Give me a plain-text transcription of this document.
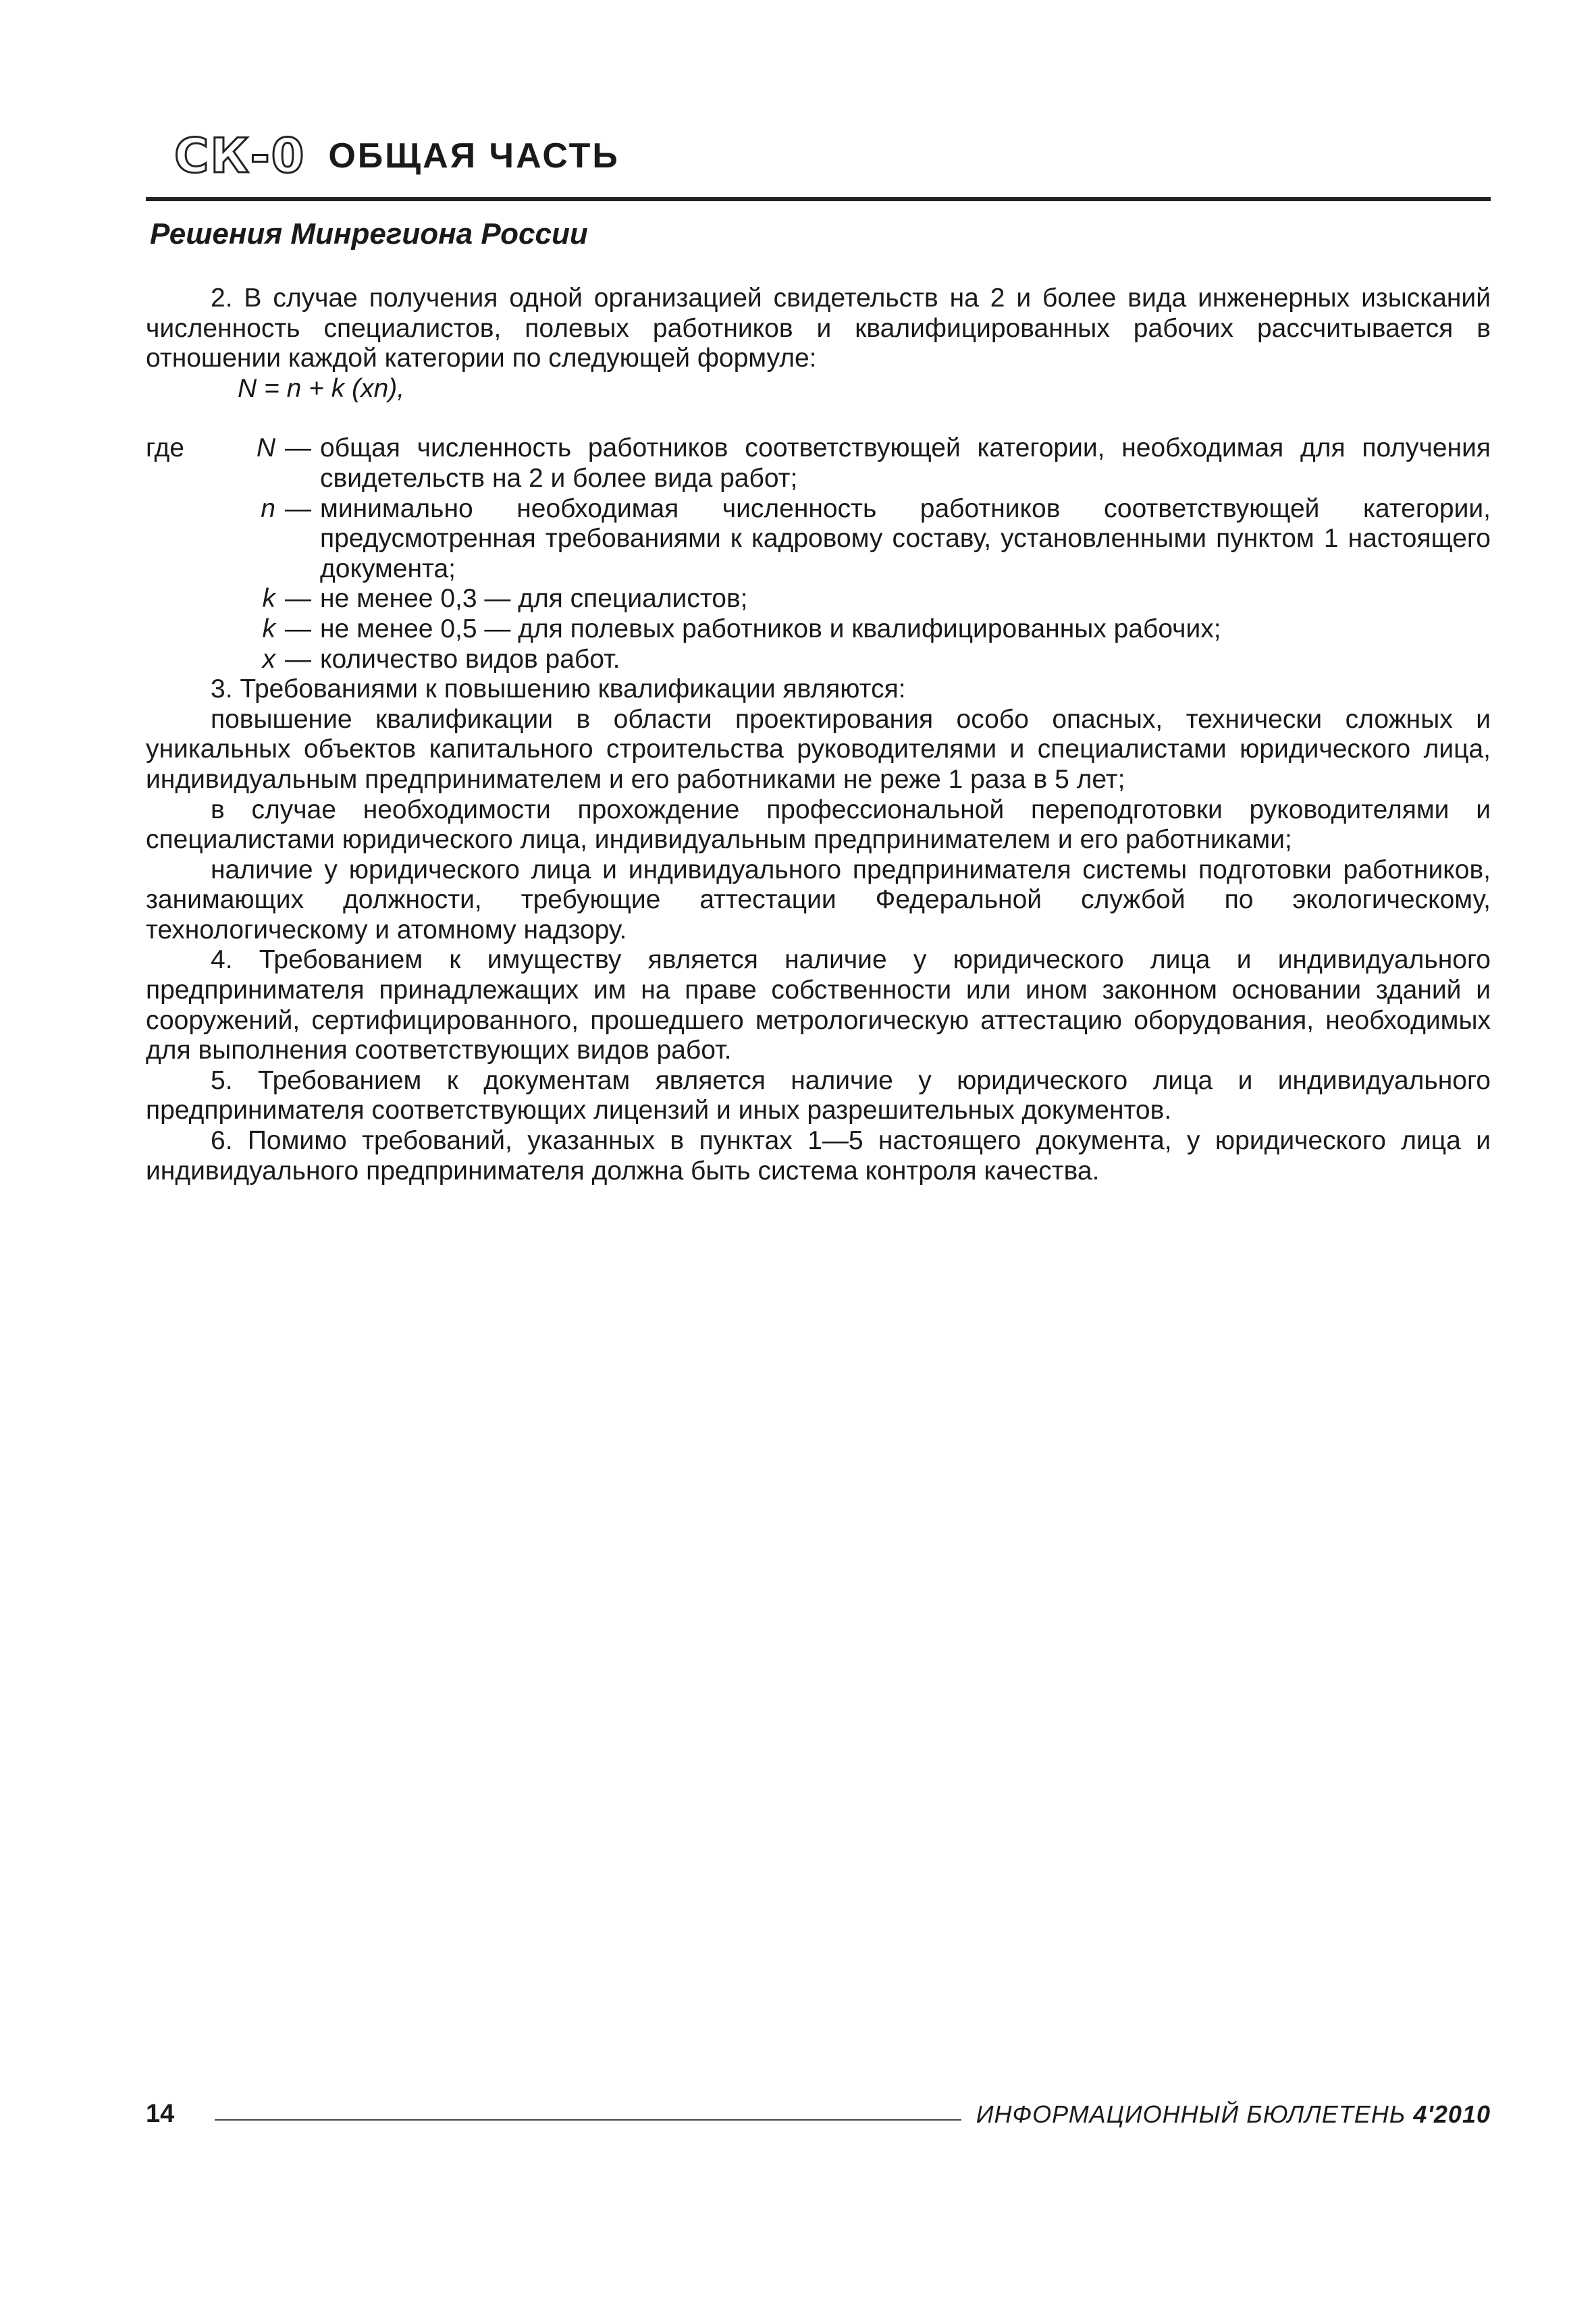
СК-0 ОБЩАЯ ЧАСТЬ
Решения Минрегиона России

2. В случае получения одной организацией свидетельств на 2 и более вида инженерных изысканий численность специалистов, полевых работников и квалифицированных рабочих рассчитывается в отношении каждой категории по следующей формуле:

N = n + k (xn),

где	N — общая численность работников соответствующей категории, необходимая для получения свидетельств на 2 и более вида работ;
n — минимально необходимая численность работников соответствующей категории, предусмотренная требованиями к кадровому составу, установленными пунктом 1 настоящего документа;
k — не менее 0,3 — для специалистов;
k — не менее 0,5 — для полевых работников и квалифицированных рабочих;
x — количество видов работ.

3. Требованиями к повышению квалификации являются:

повышение квалификации в области проектирования особо опасных, технически сложных и уникальных объектов капитального строительства руководителями и специалистами юридического лица, индивидуальным предпринимателем и его работниками не реже 1 раза в 5 лет;

в случае необходимости прохождение профессиональной переподготовки руководителями и специалистами юридического лица, индивидуальным предпринимателем и его работниками;

наличие у юридического лица и индивидуального предпринимателя системы подготовки работников, занимающих должности, требующие аттестации Федеральной службой по экологическому, технологическому и атомному надзору.

4. Требованием к имуществу является наличие у юридического лица и индивидуального предпринимателя принадлежащих им на праве собственности или ином законном основании зданий и сооружений, сертифицированного, прошедшего метрологическую аттестацию оборудования, необходимых для выполнения соответствующих видов работ.

5. Требованием к документам является наличие у юридического лица и индивидуального предпринимателя соответствующих лицензий и иных разрешительных документов.

6. Помимо требований, указанных в пунктах 1—5 настоящего документа, у юридического лица и индивидуального предпринимателя должна быть система контроля качества.

14	ИНФОРМАЦИОННЫЙ БЮЛЛЕТЕНЬ 4'2010
